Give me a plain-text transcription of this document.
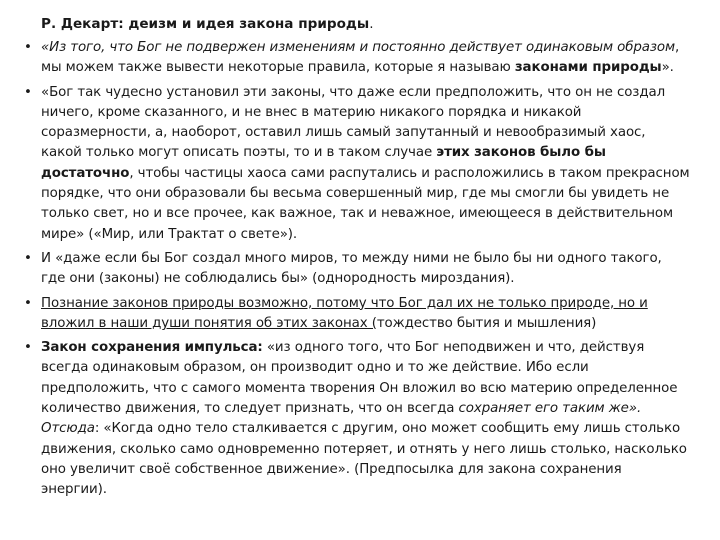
Р. Декарт: деизм и идея закона природы.
• «Из того, что Бог не подвержен изменениям и постоянно действует одинаковым образом, мы можем также вывести некоторые правила, которые я называю законами природы».
• «Бог так чудесно установил эти законы, что даже если предположить, что он не создал ничего, кроме сказанного, и не внес в материю никакого порядка и никакой соразмерности, а, наоборот, оставил лишь самый запутанный и невообразимый хаос, какой только могут описать поэты, то и в таком случае этих законов было бы достаточно, чтобы частицы хаоса сами распутались и расположились в таком прекрасном порядке, что они образовали бы весьма совершенный мир, где мы смогли бы увидеть не только свет, но и все прочее, как важное, так и неважное, имеющееся в действительном мире» («Мир, или Трактат о свете»).
• И «даже если бы Бог создал много миров, то между ними не было бы ни одного такого, где они (законы) не соблюдались бы» (однородность мироздания).
• Познание законов природы возможно, потому что Бог дал их не только природе, но и вложил в наши души понятия об этих законах (тождество бытия и мышления)
• Закон сохранения импульса: «из одного того, что Бог неподвижен и что, действуя всегда одинаковым образом, он производит одно и то же действие. Ибо если предположить, что с самого момента творения Он вложил во всю материю определенное количество движения, то следует признать, что он всегда сохраняет его таким же». Отсюда: «Когда одно тело сталкивается с другим, оно может сообщить ему лишь столько движения, сколько само одновременно потеряет, и отнять у него лишь столько, насколько оно увеличит своё собственное движение». (Предпосылка для закона сохранения энергии).
